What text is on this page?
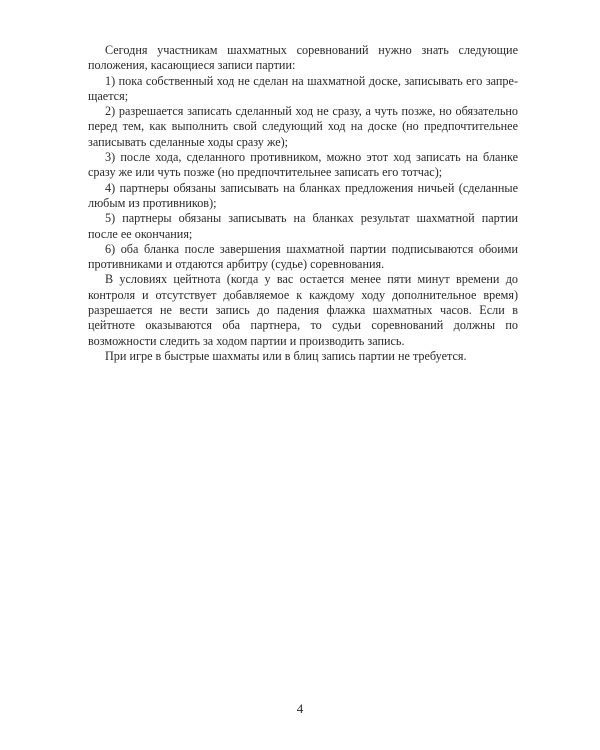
Сегодня участникам шахматных соревнований нужно знать следующие положения, касающиеся записи партии:

1) пока собственный ход не сделан на шахматной доске, записывать его запрещается;

2) разрешается записать сделанный ход не сразу, а чуть позже, но обязательно перед тем, как выполнить свой следующий ход на доске (но предпочтительнее записывать сделанные ходы сразу же);

3) после хода, сделанного противником, можно этот ход записать на бланке сразу же или чуть позже (но предпочтительнее записать его тотчас);

4) партнеры обязаны записывать на бланках предложения ничьей (сделанные любым из противников);

5) партнеры обязаны записывать на бланках результат шахматной партии после ее окончания;

6) оба бланка после завершения шахматной партии подписываются обоими противниками и отдаются арбитру (судье) соревнования.

В условиях цейтнота (когда у вас остается менее пяти минут времени до контроля и отсутствует добавляемое к каждому ходу дополнительное время) разрешается не вести запись до падения флажка шахматных часов. Если в цейтноте оказываются оба партнера, то судьи соревнований должны по возможности следить за ходом партии и производить запись.

При игре в быстрые шахматы или в блиц запись партии не требуется.

4
